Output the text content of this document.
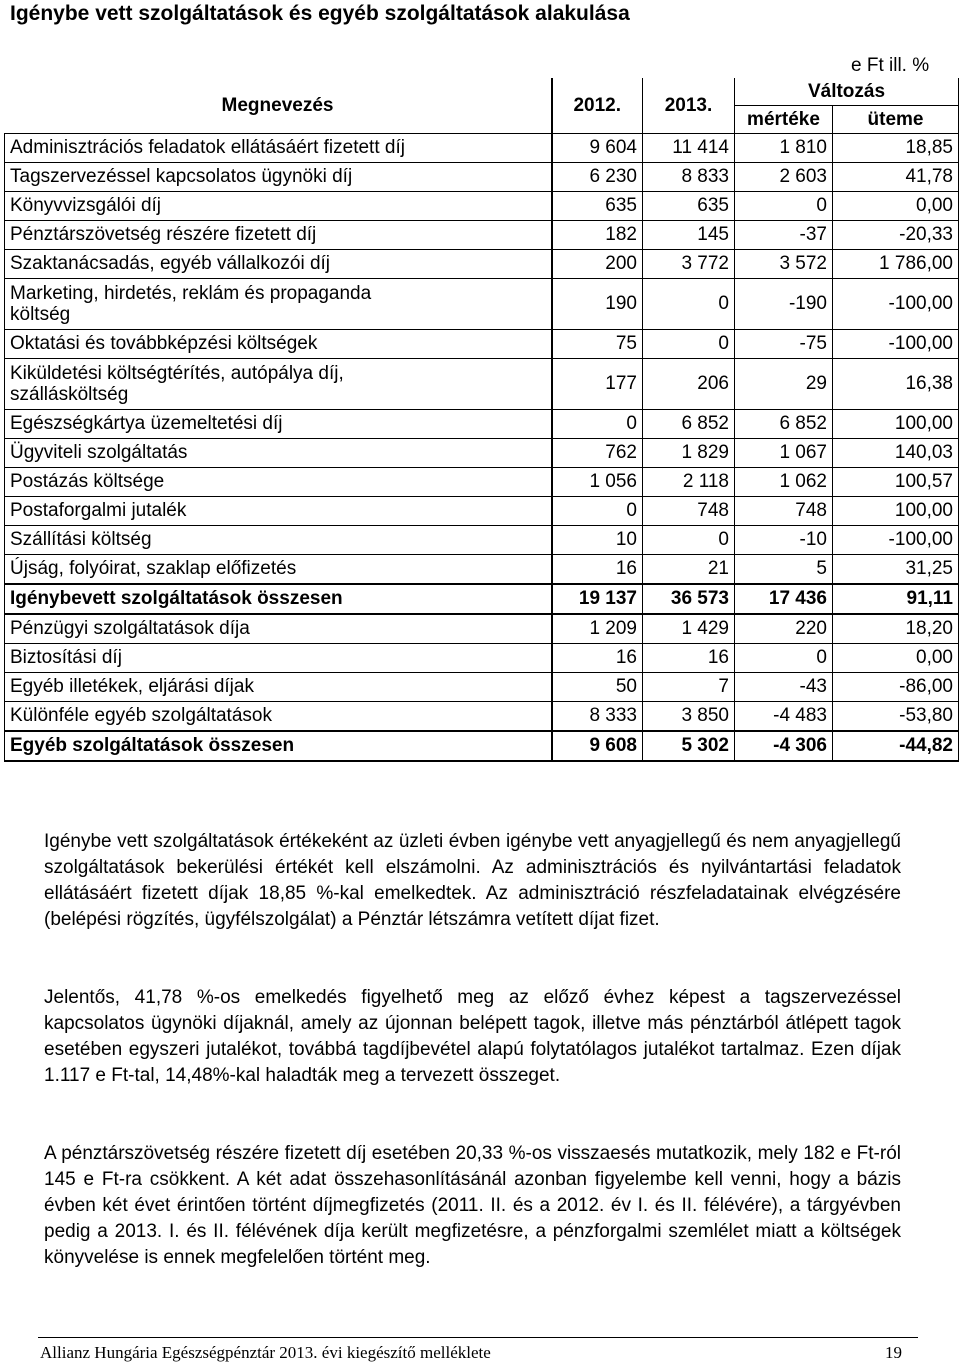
Igénybe vett szolgáltatások és egyéb szolgáltatások alakulása
e Ft ill. %
Megnevezés	2012.	2013.	Változás	
			mértéke	üteme
Adminisztrációs feladatok ellátásáért fizetett díj	9 604	11 414	1 810	18,85
Tagszervezéssel kapcsolatos ügynöki díj	6 230	8 833	2 603	41,78
Könyvvizsgálói díj	635	635	0	0,00
Pénztárszövetség részére fizetett díj	182	145	-37	-20,33
Szaktanácsadás, egyéb vállalkozói díj	200	3 772	3 572	1 786,00
Marketing, hirdetés, reklám és propaganda
költség	190	0	-190	-100,00
Oktatási és továbbképzési költségek	75	0	-75	-100,00
Kiküldetési költségtérítés, autópálya díj,
szállásköltség	177	206	29	16,38
Egészségkártya üzemeltetési díj	0	6 852	6 852	100,00
Ügyviteli szolgáltatás	762	1 829	1 067	140,03
Postázás költsége	1 056	2 118	1 062	100,57
Postaforgalmi jutalék	0	748	748	100,00
Szállítási költség	10	0	-10	-100,00
Újság, folyóirat, szaklap előfizetés	16	21	5	31,25
Igénybevett szolgáltatások összesen	19 137	36 573	17 436	91,11
Pénzügyi szolgáltatások díja	1 209	1 429	220	18,20
Biztosítási díj	16	16	0	0,00
Egyéb illetékek, eljárási díjak	50	7	-43	-86,00
Különféle egyéb szolgáltatások	8 333	3 850	-4 483	-53,80
Egyéb szolgáltatások összesen	9 608	5 302	-4 306	-44,82
Igénybe vett szolgáltatások értékeként az üzleti évben igénybe vett anyagjellegű és nem anyagjellegű szolgáltatások bekerülési értékét kell elszámolni. Az adminisztrációs és nyilvántartási feladatok ellátásáért fizetett díjak 18,85 %-kal emelkedtek. Az adminisztráció részfeladatainak elvégzésére (belépési rögzítés, ügyfélszolgálat) a Pénztár létszámra vetített díjat fizet.
Jelentős, 41,78 %-os emelkedés figyelhető meg az előző évhez képest a tagszervezéssel kapcsolatos ügynöki díjaknál, amely az újonnan belépett tagok, illetve más pénztárból átlépett tagok esetében egyszeri jutalékot, továbbá tagdíjbevétel alapú folytatólagos jutalékot tartalmaz. Ezen díjak 1.117 e Ft-tal, 14,48%-kal haladták meg a tervezett összeget.
A pénztárszövetség részére fizetett díj esetében 20,33 %-os visszaesés mutatkozik, mely 182 e Ft-ról 145 e Ft-ra csökkent. A két adat összehasonlításánál azonban figyelembe kell venni, hogy a bázis évben két évet érintően történt díjmegfizetés (2011. II. és a 2012. év I. és II. félévére), a tárgyévben pedig a 2013. I. és II. félévének díja került megfizetésre, a pénzforgalmi szemlélet miatt a költségek könyvelése is ennek megfelelően történt meg.
Allianz Hungária Egészségpénztár 2013. évi kiegészítő melléklete	19
